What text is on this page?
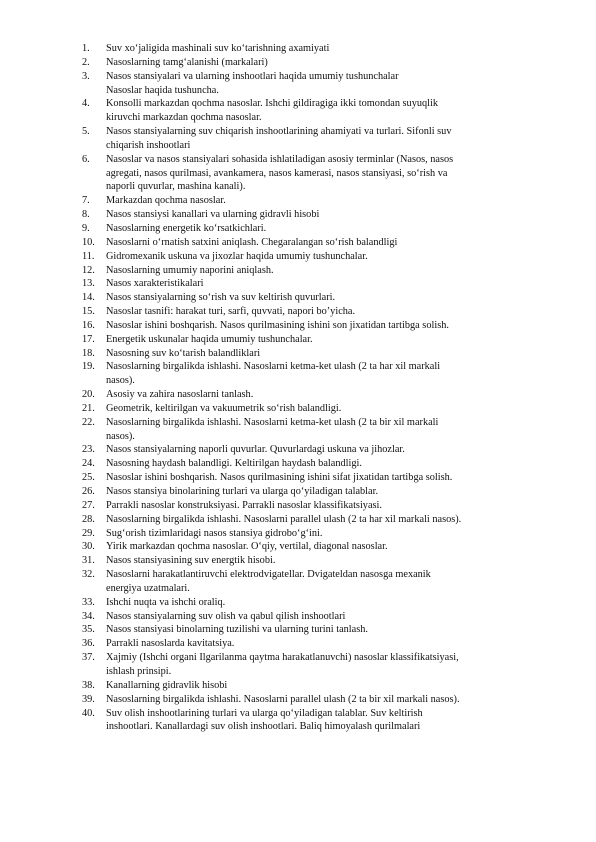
1.	Suv xo‘jaligida mashinali suv ko‘tarishning axamiyati
2.	Nasoslarning tamg‘alanishi (markalari)
3.	Nasos stansiyalari va ularning inshootlari haqida umumiy tushunchalar
Nasoslar haqida tushuncha.
4.	Konsolli markazdan qochma nasoslar. Ishchi gildiragiga ikki tomondan suyuqlik
kiruvchi markazdan qochma nasoslar.
5.	Nasos stansiyalarning suv chiqarish inshootlarining ahamiyati va turlari. Sifonli suv
chiqarish inshootlari
6.	Nasoslar va nasos stansiyalari sohasida ishlatiladigan asosiy terminlar (Nasos, nasos
agregati, nasos qurilmasi, avankamera, nasos kamerasi, nasos stansiyasi, so‘rish va
naporli quvurlar, mashina kanali).
7.	Markazdan qochma nasoslar.
8.	Nasos stansiysi kanallari va ularning gidravli hisobi
9.	Nasoslarning energetik ko‘rsatkichlari.
10.	Nasoslarni o‘rnatish satxini aniqlash. Chegaralangan so‘rish balandligi
11.	Gidromexanik uskuna va jixozlar haqida umumiy tushunchalar.
12.	Nasoslarning umumiy naporini aniqlash.
13.	Nasos xarakteristikalari
14.	Nasos stansiyalarning so‘rish va suv keltirish quvurlari.
15.	Nasoslar tasnifi: harakat turi, sarfi, quvvati, napori bo’yicha.
16.	Nasoslar ishini boshqarish. Nasos qurilmasining ishini son jixatidan tartibga solish.
17.	Energetik uskunalar haqida umumiy tushunchalar.
18.	Nasosning suv ko‘tarish balandliklari
19.	Nasoslarning birgalikda ishlashi. Nasoslarni ketma-ket ulash (2 ta har xil markali
nasos).
20.	Asosiy va zahira nasoslarni tanlash.
21.	Geometrik, keltirilgan va vakuumetrik so‘rish balandligi.
22.	Nasoslarning birgalikda ishlashi. Nasoslarni ketma-ket ulash (2 ta bir xil markali
nasos).
23.	Nasos stansiyalarning naporli quvurlar. Quvurlardagi uskuna va jihozlar.
24.	Nasosning haydash balandligi. Keltirilgan haydash balandligi.
25.	Nasoslar ishini boshqarish. Nasos qurilmasining ishini sifat jixatidan tartibga solish.
26.	Nasos stansiya binolarining turlari va ularga qo‘yiladigan talablar.
27.	Parrakli nasoslar konstruksiyasi. Parrakli nasoslar klassifikatsiyasi.
28.	Nasoslarning birgalikda ishlashi. Nasoslarni parallel ulash (2 ta har xil markali nasos).
29.	Sug‘orish tizimlaridagi nasos stansiya gidrobo‘g‘ini.
30.	Yirik markazdan qochma nasoslar. O‘qiy, vertilal, diagonal nasoslar.
31.	Nasos stansiyasining suv energtik hisobi.
32.	Nasoslarni harakatlantiruvchi elektrodvigatellar. Dvigateldan nasosga mexanik
energiya uzatmalari.
33.	Ishchi nuqta va ishchi oraliq.
34.	Nasos stansiyalarning suv olish va qabul qilish inshootlari
35.	Nasos stansiyasi binolarning tuzilishi va ularning turini tanlash.
36.	Parrakli nasoslarda kavitatsiya.
37.	Xajmiy (Ishchi organi Ilgarilanma qaytma harakatlanuvchi) nasoslar klassifikatsiyasi,
ishlash prinsipi.
38.	Kanallarning gidravlik hisobi
39.	Nasoslarning birgalikda ishlashi. Nasoslarni parallel ulash (2 ta bir xil markali nasos).
40.	Suv olish inshootlarining turlari va ularga qo‘yiladigan talablar. Suv keltirish
inshootlari. Kanallardagi suv olish inshootlari. Baliq himoyalash qurilmalari
